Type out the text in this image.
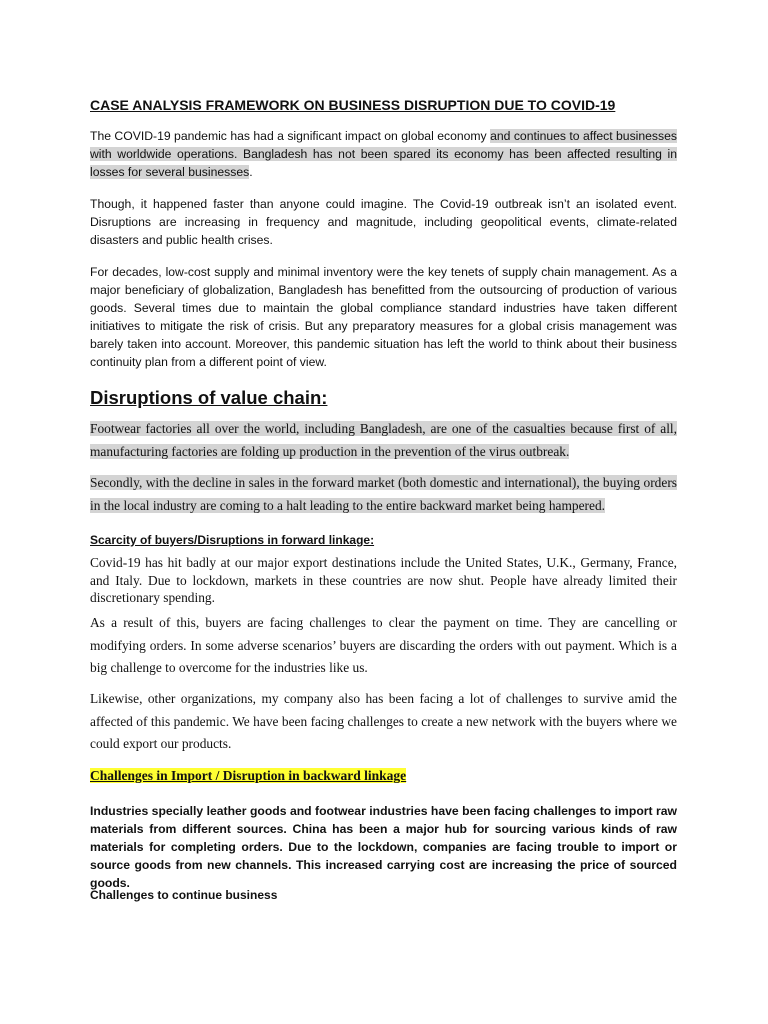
CASE ANALYSIS FRAMEWORK ON BUSINESS DISRUPTION DUE TO COVID-19

The COVID-19 pandemic has had a significant impact on global economy and continues to affect businesses with worldwide operations. Bangladesh has not been spared its economy has been affected resulting in losses for several businesses.

Though, it happened faster than anyone could imagine. The Covid-19 outbreak isn’t an isolated event. Disruptions are increasing in frequency and magnitude, including geopolitical events, climate-related disasters and public health crises.

For decades, low-cost supply and minimal inventory were the key tenets of supply chain management. As a major beneficiary of globalization, Bangladesh has benefitted from the outsourcing of production of various goods. Several times due to maintain the global compliance standard industries have taken different initiatives to mitigate the risk of crisis. But any preparatory measures for a global crisis management was barely taken into account. Moreover, this pandemic situation has left the world to think about their business continuity plan from a different point of view.

Disruptions of value chain:

Footwear factories all over the world, including Bangladesh, are one of the casualties because first of all, manufacturing factories are folding up production in the prevention of the virus outbreak.

Secondly, with the decline in sales in the forward market (both domestic and international), the buying orders in the local industry are coming to a halt leading to the entire backward market being hampered.

Scarcity of buyers/Disruptions in forward linkage:

Covid-19 has hit badly at our major export destinations include the United States, U.K., Germany, France, and Italy. Due to lockdown, markets in these countries are now shut. People have already limited their discretionary spending.

As a result of this, buyers are facing challenges to clear the payment on time. They are cancelling or modifying orders. In some adverse scenarios’ buyers are discarding the orders with out payment. Which is a big challenge to overcome for the industries like us.

Likewise, other organizations, my company also has been facing a lot of challenges to survive amid the affected of this pandemic. We have been facing challenges to create a new network with the buyers where we could export our products.

Challenges in Import / Disruption in backward linkage

Industries specially leather goods and footwear industries have been facing challenges to import raw materials from different sources. China has been a major hub for sourcing various kinds of raw materials for completing orders. Due to the lockdown, companies are facing trouble to import or source goods from new channels. This increased carrying cost are increasing the price of sourced goods.

Challenges to continue business
